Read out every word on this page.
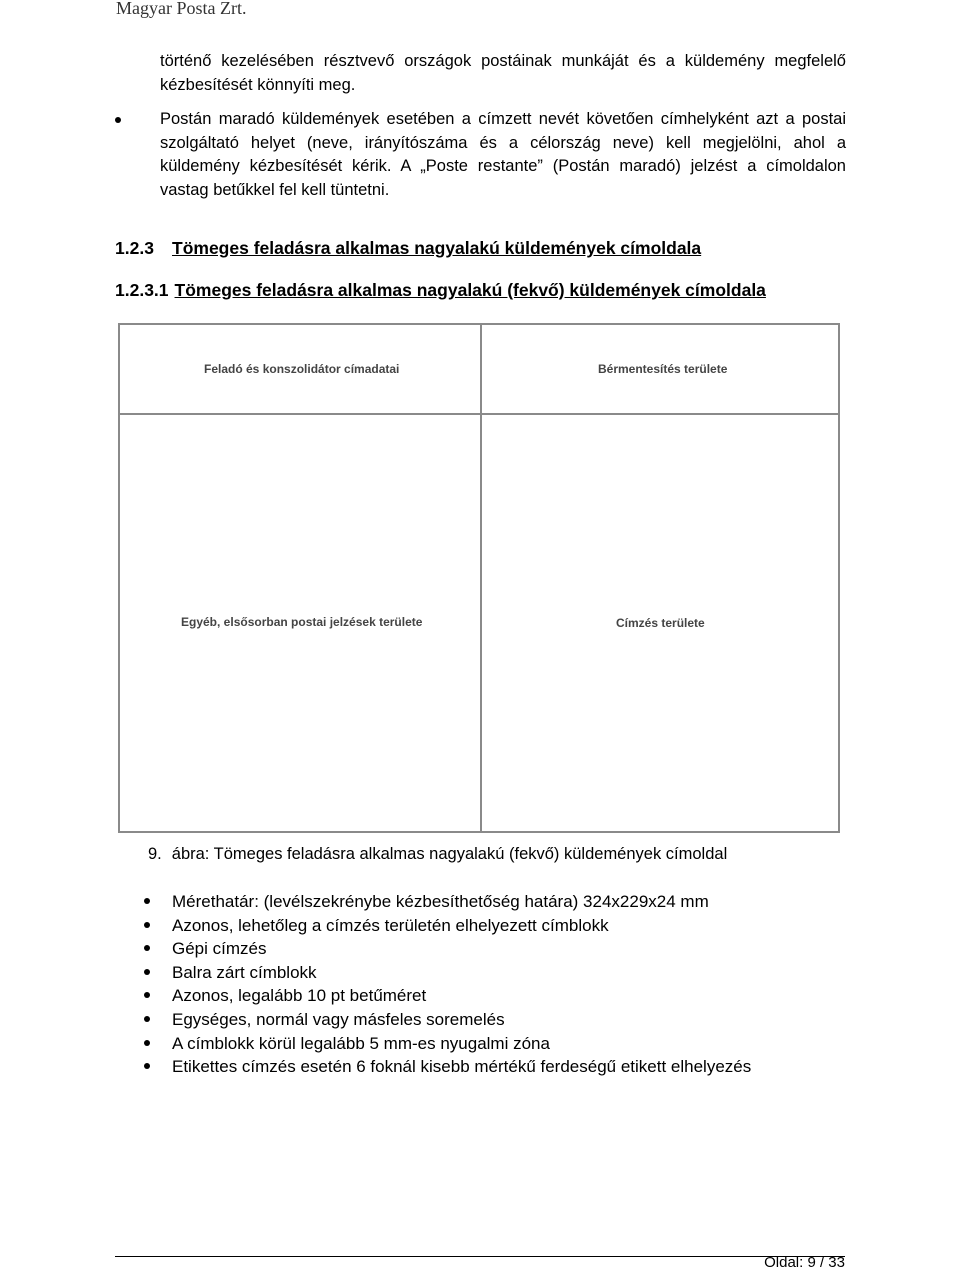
Magyar Posta Zrt.
történő kezelésében résztvevő országok postáinak munkáját és a küldemény megfelelő kézbesítését könnyíti meg.
Postán maradó küldemények esetében a címzett nevét követően címhelyként azt a postai szolgáltató helyet (neve, irányítószáma és a célország neve) kell megjelölni, ahol a küldemény kézbesítését kérik. A „Poste restante” (Postán maradó) jelzést a címoldalon vastag betűkkel fel kell tüntetni.
1.2.3 Tömeges feladásra alkalmas nagyalakú küldemények címoldala
1.2.3.1 Tömeges feladásra alkalmas nagyalakú (fekvő) küldemények címoldala
Feladó és konszolidátor címadatai	Bérmentesítés területe
Egyéb, elsősorban postai jelzések területe	Címzés területe
9. ábra: Tömeges feladásra alkalmas nagyalakú (fekvő) küldemények címoldal
Mérethatár: (levélszekrénybe kézbesíthetőség határa) 324x229x24 mm
Azonos, lehetőleg a címzés területén elhelyezett címblokk
Gépi címzés
Balra zárt címblokk
Azonos, legalább 10 pt betűméret
Egységes, normál vagy másfeles soremelés
A címblokk körül legalább 5 mm-es nyugalmi zóna
Etikettes címzés esetén 6 foknál kisebb mértékű ferdeségű etikett elhelyezés
Oldal: 9 / 33
